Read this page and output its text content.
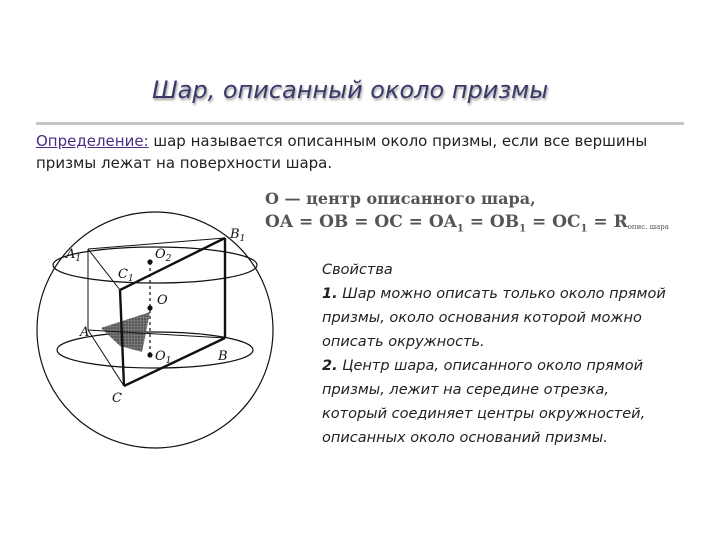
Шар, описанный около призмы
Определение: шар называется описанным около призмы, если все вершины призмы лежат на поверхности шара.
O — центр описанного шара,
OA = OB = OC = $OA_1 = OB_1 = OC_1$ = Rопис. шара
$A_1$
$C_1$
$O_2$
$B_1$
O
A
$O_1$	B
C
Свойства
1. Шар можно описать только около прямой призмы, около основания которой можно описать окружность.
2. Центр шара, описанного около прямой призмы, лежит на середине отрезка, который соединяет центры окружностей, описанных около оснований призмы.
